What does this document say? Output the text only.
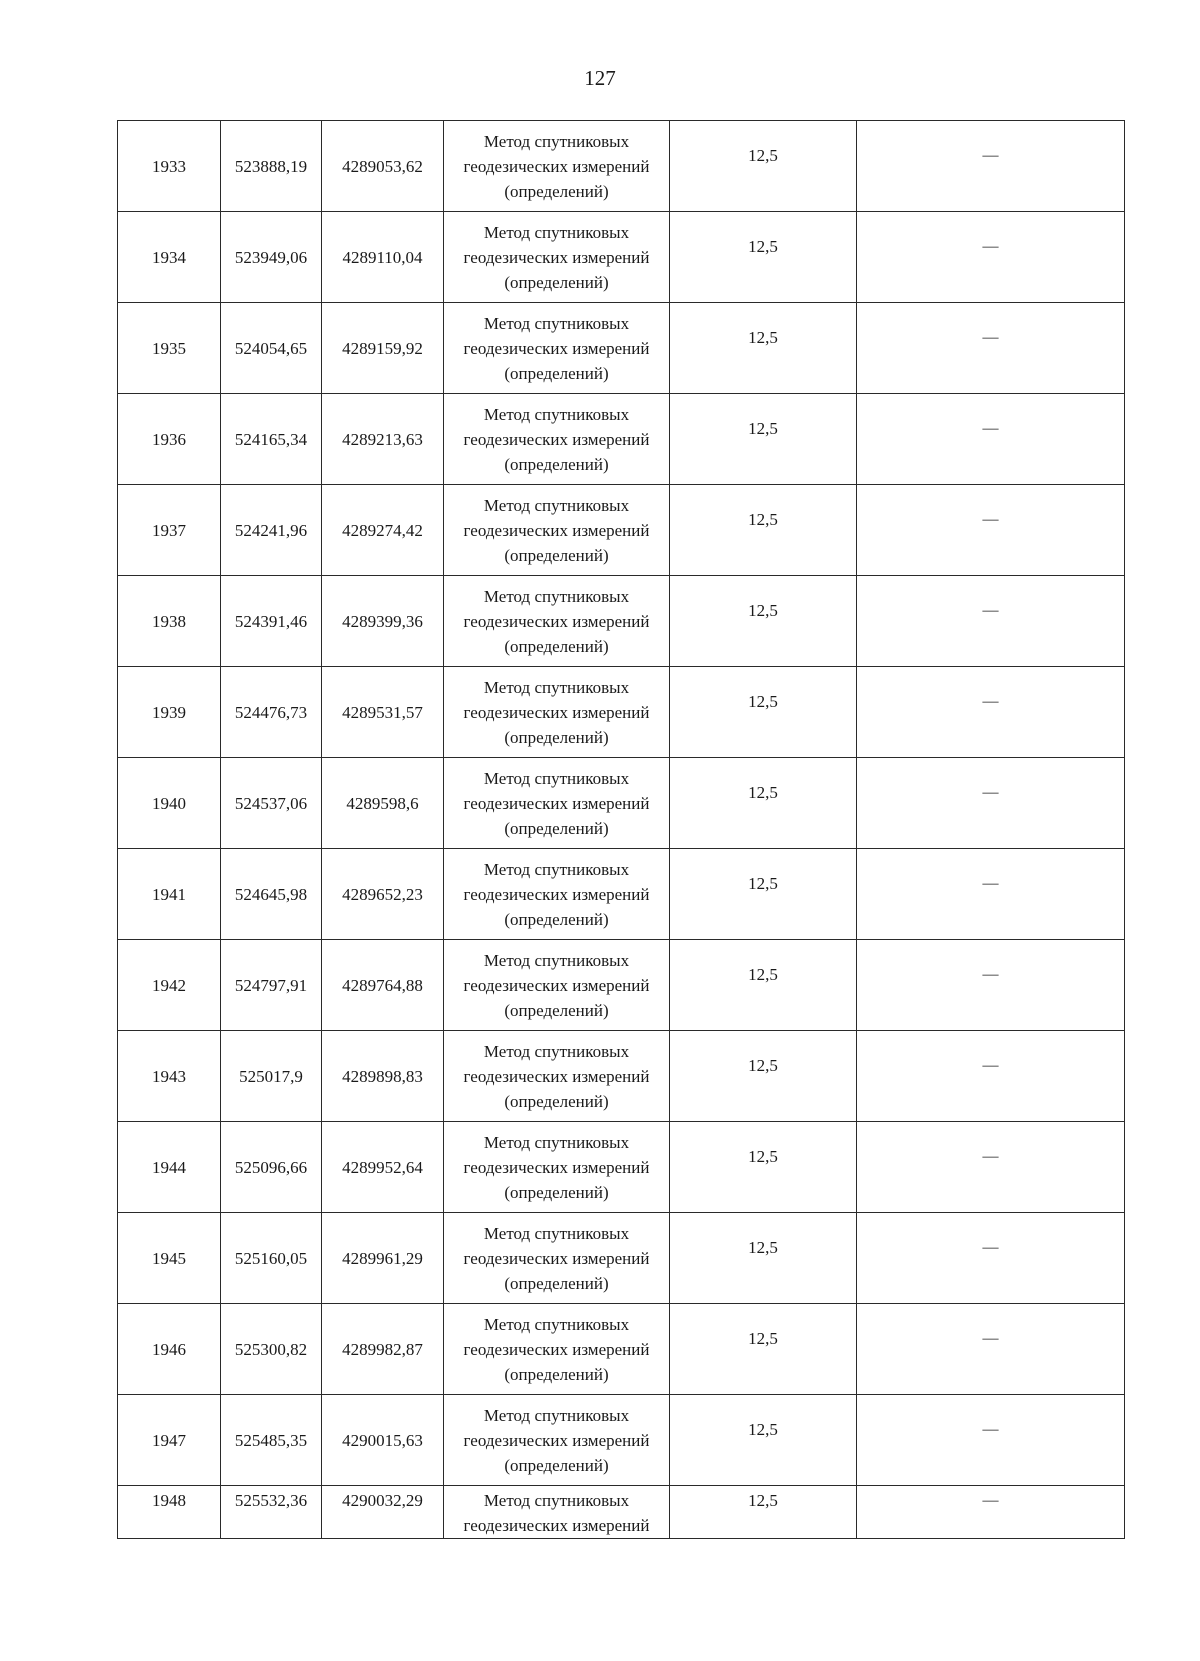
127
1933	523888,19	4289053,62	Метод спутниковых
геодезических измерений
(определений)	12,5	—
1934	523949,06	4289110,04	Метод спутниковых
геодезических измерений
(определений)	12,5	—
1935	524054,65	4289159,92	Метод спутниковых
геодезических измерений
(определений)	12,5	—
1936	524165,34	4289213,63	Метод спутниковых
геодезических измерений
(определений)	12,5	—
1937	524241,96	4289274,42	Метод спутниковых
геодезических измерений
(определений)	12,5	—
1938	524391,46	4289399,36	Метод спутниковых
геодезических измерений
(определений)	12,5	—
1939	524476,73	4289531,57	Метод спутниковых
геодезических измерений
(определений)	12,5	—
1940	524537,06	4289598,6	Метод спутниковых
геодезических измерений
(определений)	12,5	—
1941	524645,98	4289652,23	Метод спутниковых
геодезических измерений
(определений)	12,5	—
1942	524797,91	4289764,88	Метод спутниковых
геодезических измерений
(определений)	12,5	—
1943	525017,9	4289898,83	Метод спутниковых
геодезических измерений
(определений)	12,5	—
1944	525096,66	4289952,64	Метод спутниковых
геодезических измерений
(определений)	12,5	—
1945	525160,05	4289961,29	Метод спутниковых
геодезических измерений
(определений)	12,5	—
1946	525300,82	4289982,87	Метод спутниковых
геодезических измерений
(определений)	12,5	—
1947	525485,35	4290015,63	Метод спутниковых
геодезических измерений
(определений)	12,5	—
1948	525532,36	4290032,29	Метод спутниковых
геодезических измерений	12,5	—
